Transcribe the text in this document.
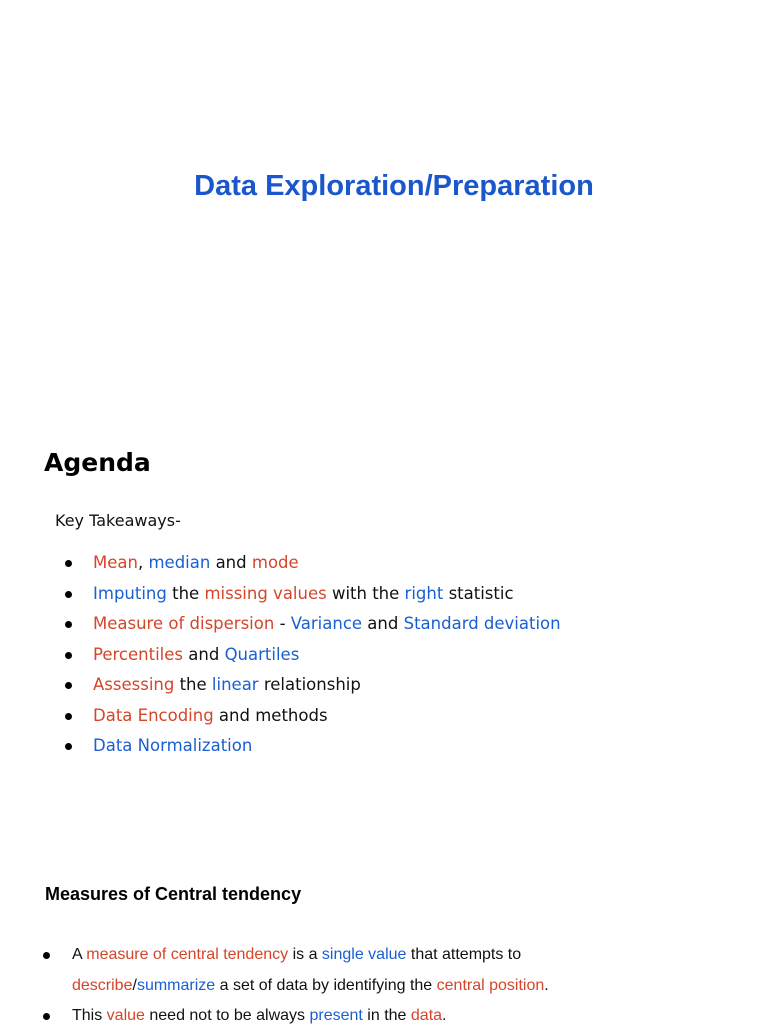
Data Exploration/Preparation
Agenda

Key Takeaways-

Mean, median and mode
Imputing the missing values with the right statistic
Measure of dispersion - Variance and Standard deviation
Percentiles and Quartiles
Assessing the linear relationship
Data Encoding and methods
Data Normalization
Measures of Central tendency
A measure of central tendency is a single value that attempts to describe/summarize a set of data by identifying the central position.
This value need not to be always present in the data.
